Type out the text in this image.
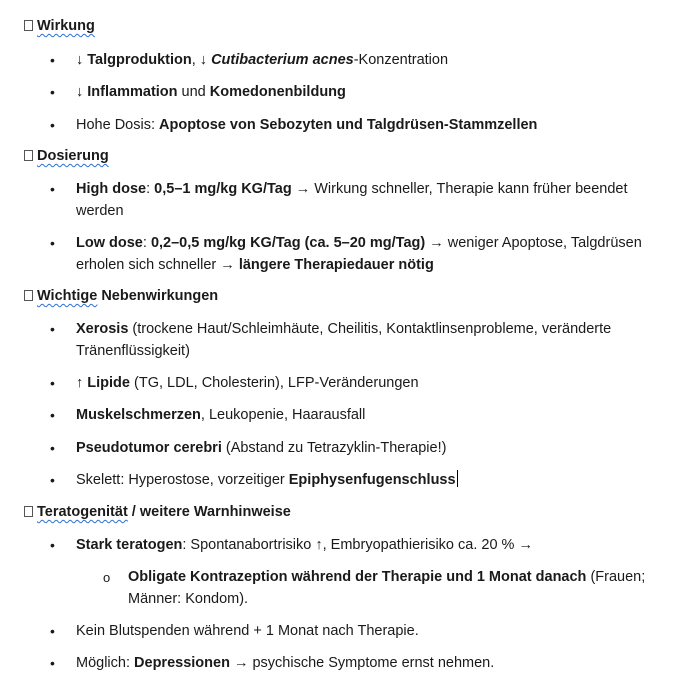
Wirkung
• ↓ Talgproduktion, ↓ Cutibacterium acnes-Konzentration
• ↓ Inflammation und Komedonenbildung
• Hohe Dosis: Apoptose von Sebozyten und Talgdrüsen-Stammzellen
Dosierung
• High dose: 0,5–1 mg/kg KG/Tag → Wirkung schneller, Therapie kann früher beendet werden
• Low dose: 0,2–0,5 mg/kg KG/Tag (ca. 5–20 mg/Tag) → weniger Apoptose, Talgdrüsen erholen sich schneller → längere Therapiedauer nötig
Wichtige Nebenwirkungen
• Xerosis (trockene Haut/Schleimhäute, Cheilitis, Kontaktlinsenprobleme, veränderte Tränenflüssigkeit)
• ↑ Lipide (TG, LDL, Cholesterin), LFP-Veränderungen
• Muskelschmerzen, Leukopenie, Haarausfall
• Pseudotumor cerebri (Abstand zu Tetrazyklin-Therapie!)
• Skelett: Hyperostose, vorzeitiger Epiphysenfugenschluss
Teratogenität / weitere Warnhinweise
• Stark teratogen: Spontanabortrisiko ↑, Embryopathierisiko ca. 20 % →
o Obligate Kontrazeption während der Therapie und 1 Monat danach (Frauen; Männer: Kondom).
• Kein Blutspenden während + 1 Monat nach Therapie.
• Möglich: Depressionen → psychische Symptome ernst nehmen.
